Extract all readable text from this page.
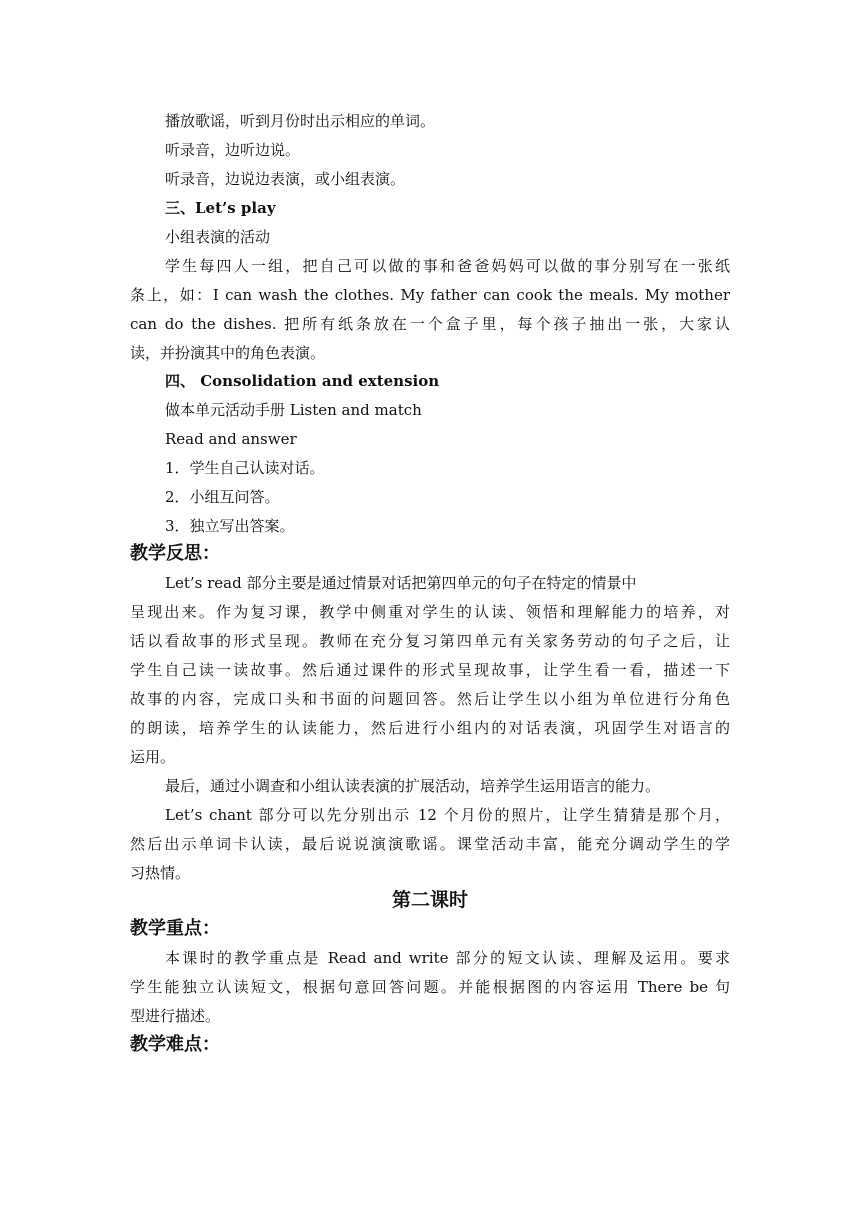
播放歌谣，听到月份时出示相应的单词。
听录音，边听边说。
听录音，边说边表演，或小组表演。
三、Let’s play
小组表演的活动
学生每四人一组，把自己可以做的事和爸爸妈妈可以做的事分别写在一张纸
条上，如：I can wash the clothes. My father can cook the meals. My mother
can do the dishes. 把所有纸条放在一个盒子里，每个孩子抽出一张，大家认
读，并扮演其中的角色表演。
四、 Consolidation and extension
做本单元活动手册 Listen and match
Read and answer
1．学生自己认读对话。
2．小组互问答。
3．独立写出答案。
教学反思：
Let’s read 部分主要是通过情景对话把第四单元的句子在特定的情景中
呈现出来。作为复习课，教学中侧重对学生的认读、领悟和理解能力的培养，对
话以看故事的形式呈现。教师在充分复习第四单元有关家务劳动的句子之后，让
学生自己读一读故事。然后通过课件的形式呈现故事，让学生看一看，描述一下
故事的内容，完成口头和书面的问题回答。然后让学生以小组为单位进行分角色
的朗读，培养学生的认读能力，然后进行小组内的对话表演，巩固学生对语言的
运用。
最后，通过小调查和小组认读表演的扩展活动，培养学生运用语言的能力。
Let’s chant 部分可以先分别出示 12 个月份的照片，让学生猜猜是那个月，
然后出示单词卡认读，最后说说演演歌谣。课堂活动丰富，能充分调动学生的学
习热情。
第二课时
教学重点：
本课时的教学重点是 Read and write 部分的短文认读、理解及运用。要求
学生能独立认读短文，根据句意回答问题。并能根据图的内容运用 There be 句
型进行描述。
教学难点：
